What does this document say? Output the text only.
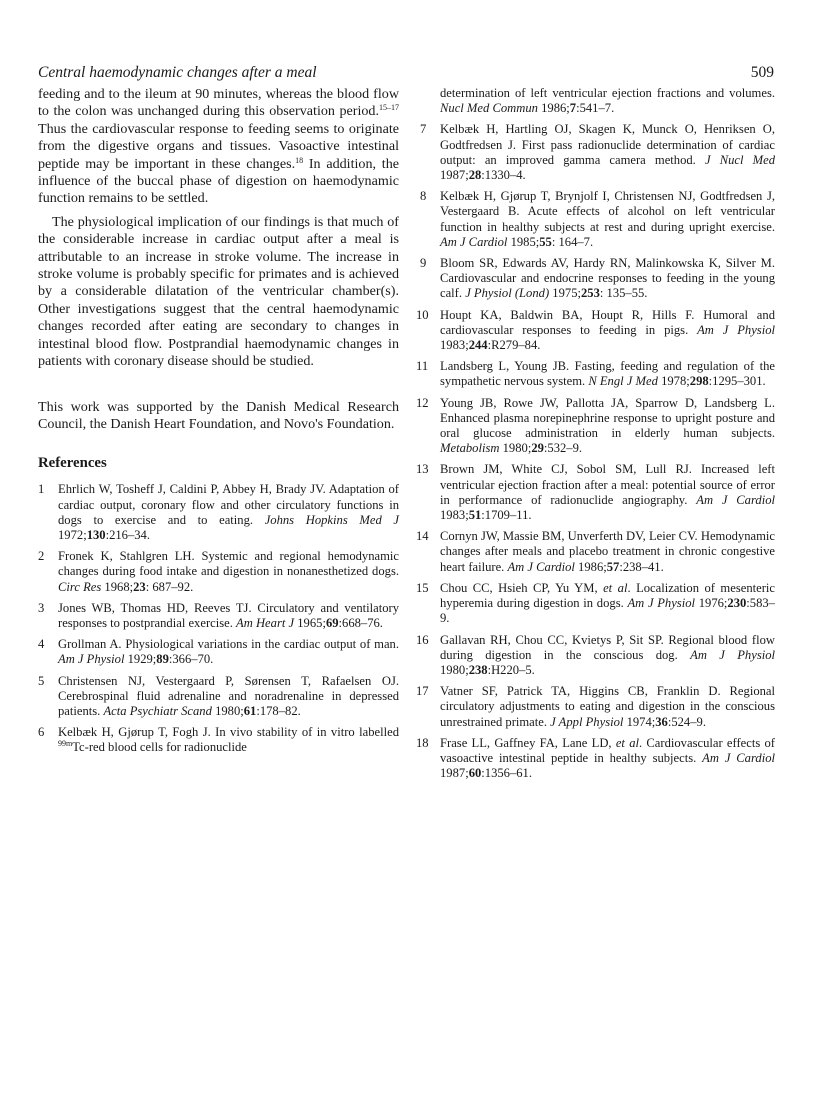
Central haemodynamic changes after a meal	509

feeding and to the ileum at 90 minutes, whereas the blood flow to the colon was unchanged during this observation period.$^{15-17}$ Thus the cardiovascular response to feeding seems to originate from the digestive organs and tissues. Vasoactive intestinal peptide may be important in these changes.$^{18}$ In addition, the influence of the buccal phase of digestion on haemodynamic function remains to be settled.

The physiological implication of our findings is that much of the considerable increase in cardiac output after a meal is attributable to an increase in stroke volume. The increase in stroke volume is probably specific for primates and is achieved by a considerable dilatation of the ventricular chamber(s). Other investigations suggest that the central haemodynamic changes recorded after eating are secondary to changes in intestinal blood flow. Postprandial haemodynamic changes in patients with coronary disease should be studied.

This work was supported by the Danish Medical Research Council, the Danish Heart Foundation, and Novo's Foundation.

References

1	Ehrlich W, Tosheff J, Caldini P, Abbey H, Brady JV. Adaptation of cardiac output, coronary flow and other circulatory functions in dogs to exercise and to eating. Johns Hopkins Med J 1972;130:216–34.

2	Fronek K, Stahlgren LH. Systemic and regional hemodynamic changes during food intake and digestion in nonanesthetized dogs. Circ Res 1968;23: 687–92.

3	Jones WB, Thomas HD, Reeves TJ. Circulatory and ventilatory responses to postprandial exercise. Am Heart J 1965;69:668–76.

4	Grollman A. Physiological variations in the cardiac output of man. Am J Physiol 1929;89:366–70.

5	Christensen NJ, Vestergaard P, Sørensen T, Rafaelsen OJ. Cerebrospinal fluid adrenaline and noradrenaline in depressed patients. Acta Psychiatr Scand 1980;61:178–82.

6	Kelbæk H, Gjørup T, Fogh J. In vivo stability of in vitro labelled $^{99m}$Tc-red blood cells for radionuclide

determination of left ventricular ejection fractions and volumes. Nucl Med Commun 1986;7:541–7.

7	Kelbæk H, Hartling OJ, Skagen K, Munck O, Henriksen O, Godtfredsen J. First pass radionuclide determination of cardiac output: an improved gamma camera method. J Nucl Med 1987;28:1330–4.

8	Kelbæk H, Gjørup T, Brynjolf I, Christensen NJ, Godtfredsen J, Vestergaard B. Acute effects of alcohol on left ventricular function in healthy subjects at rest and during upright exercise. Am J Cardiol 1985;55: 164–7.

9	Bloom SR, Edwards AV, Hardy RN, Malinkowska K, Silver M. Cardiovascular and endocrine responses to feeding in the young calf. J Physiol (Lond) 1975;253: 135–55.

10 Houpt KA, Baldwin BA, Houpt R, Hills F. Humoral and cardiovascular responses to feeding in pigs. Am J Physiol 1983;244:R279–84.

11 Landsberg L, Young JB. Fasting, feeding and regulation of the sympathetic nervous system. N Engl J Med 1978;298:1295–301.

12 Young JB, Rowe JW, Pallotta JA, Sparrow D, Landsberg L. Enhanced plasma norepinephrine response to upright posture and oral glucose administration in elderly human subjects. Metabolism 1980;29:532–9.

13 Brown JM, White CJ, Sobol SM, Lull RJ. Increased left ventricular ejection fraction after a meal: potential source of error in performance of radionuclide angiography. Am J Cardiol 1983;51:1709–11.

14 Cornyn JW, Massie BM, Unverferth DV, Leier CV. Hemodynamic changes after meals and placebo treatment in chronic congestive heart failure. Am J Cardiol 1986;57:238–41.

15 Chou CC, Hsieh CP, Yu YM, et al. Localization of mesenteric hyperemia during digestion in dogs. Am J Physiol 1976;230:583–9.

16 Gallavan RH, Chou CC, Kvietys P, Sit SP. Regional blood flow during digestion in the conscious dog. Am J Physiol 1980;238:H220–5.

17 Vatner SF, Patrick TA, Higgins CB, Franklin D. Regional circulatory adjustments to eating and digestion in the conscious unrestrained primate. J Appl Physiol 1974;36:524–9.

18 Frase LL, Gaffney FA, Lane LD, et al. Cardiovascular effects of vasoactive intestinal peptide in healthy subjects. Am J Cardiol 1987;60:1356–61.
